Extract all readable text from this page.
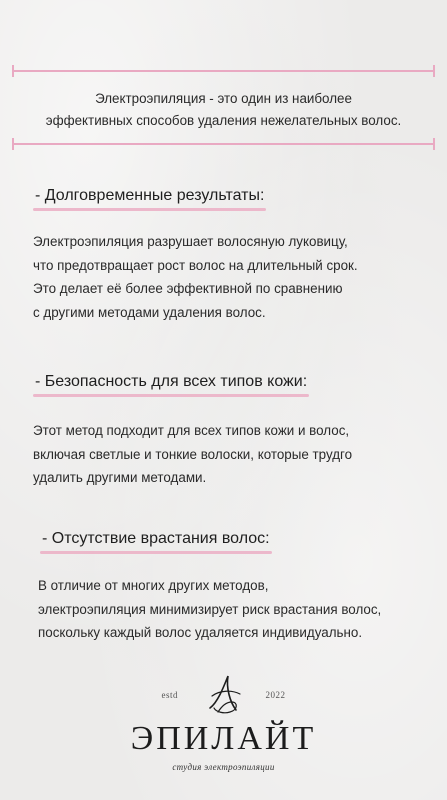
Электроэпиляция - это один из наиболее
эффективных способов удаления нежелательных волос.
- Долговременные результаты:
Электроэпиляция разрушает волосяную луковицу,
что предотвращает рост волос на длительный срок.
Это делает её более эффективной по сравнению
с другими методами удаления волос.
- Безопасность для всех типов кожи:
Этот метод подходит для всех типов кожи и волос,
включая светлые и тонкие волоски, которые трудго
удалить другими методами.
- Отсутствие врастания волос:
В отличие от многих других методов,
электроэпиляция минимизирует риск врастания волос,
поскольку каждый волос удаляется индивидуально.
estd	2022
ЭПИЛАЙТ
студия электроэпиляции
